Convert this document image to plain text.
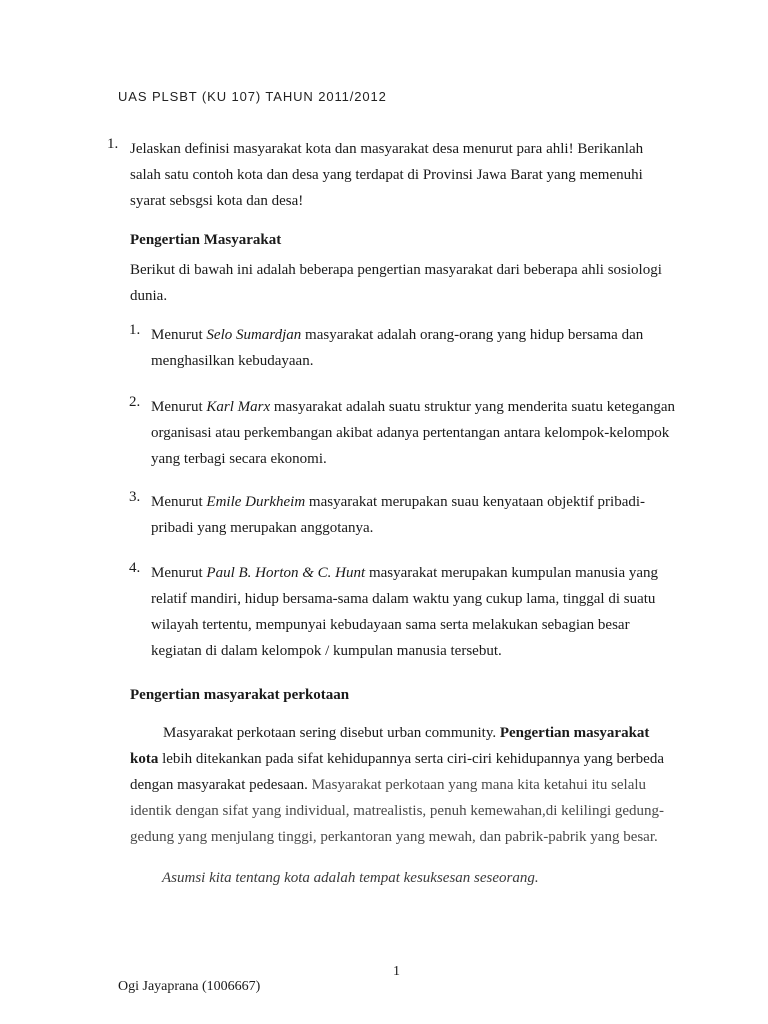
UAS PLSBT (KU 107) TAHUN 2011/2012
1. Jelaskan definisi masyarakat kota dan masyarakat desa menurut para ahli! Berikanlah
salah satu contoh kota dan desa yang terdapat di Provinsi Jawa Barat yang memenuhi
syarat sebsgsi kota dan desa!
Pengertian Masyarakat
Berikut di bawah ini adalah beberapa pengertian masyarakat dari beberapa ahli sosiologi
dunia.
1. Menurut Selo Sumardjan masyarakat adalah orang-orang yang hidup bersama dan
menghasilkan kebudayaan.
2. Menurut Karl Marx masyarakat adalah suatu struktur yang menderita suatu ketegangan
organisasi atau perkembangan akibat adanya pertentangan antara kelompok-kelompok
yang terbagi secara ekonomi.
3. Menurut Emile Durkheim masyarakat merupakan suau kenyataan objektif pribadi-
pribadi yang merupakan anggotanya.
4. Menurut Paul B. Horton & C. Hunt masyarakat merupakan kumpulan manusia yang
relatif mandiri, hidup bersama-sama dalam waktu yang cukup lama, tinggal di suatu
wilayah tertentu, mempunyai kebudayaan sama serta melakukan sebagian besar
kegiatan di dalam kelompok / kumpulan manusia tersebut.
Pengertian masyarakat perkotaan
Masyarakat perkotaan sering disebut urban community. Pengertian masyarakat
kota lebih ditekankan pada sifat kehidupannya serta ciri-ciri kehidupannya yang berbeda
dengan masyarakat pedesaan. Masyarakat perkotaan yang mana kita ketahui itu selalu
identik dengan sifat yang individual, matrealistis, penuh kemewahan,di kelilingi gedung-
gedung yang menjulang tinggi, perkantoran yang mewah, dan pabrik-pabrik yang besar.
Asumsi kita tentang kota adalah tempat kesuksesan seseorang.
1
Ogi Jayaprana (1006667)
